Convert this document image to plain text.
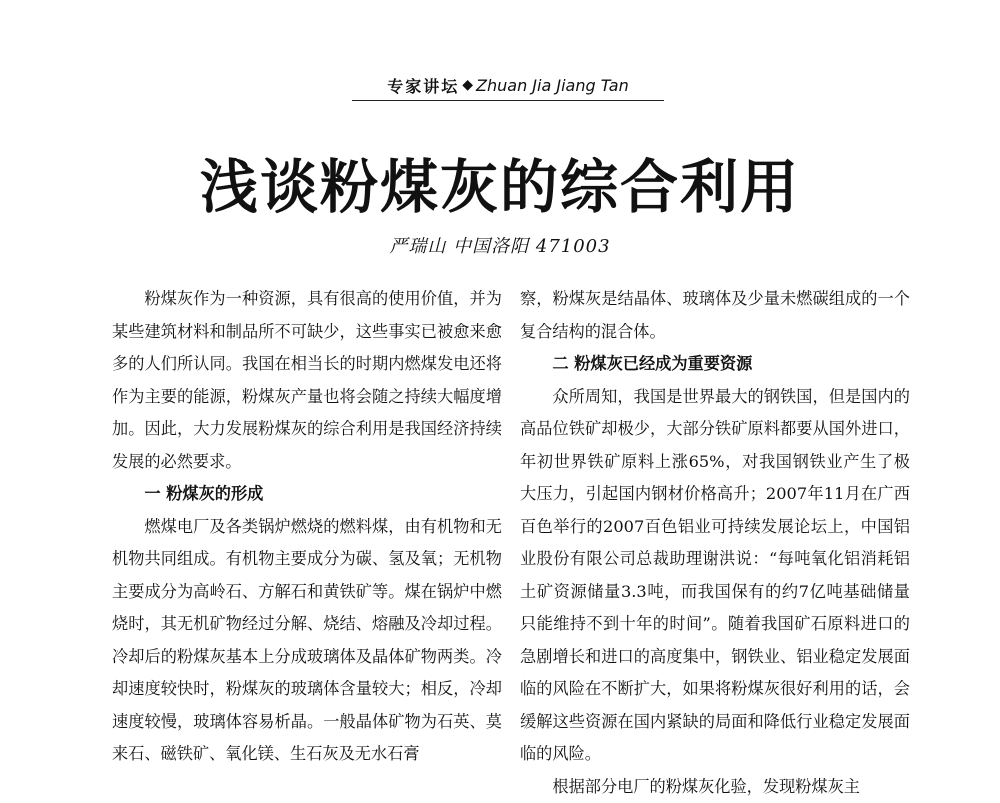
专家讲坛 ◆ Zhuan Jia Jiang Tan
浅谈粉煤灰的综合利用
严瑞山 中国洛阳 471003

粉煤灰作为一种资源，具有很高的使用价值，并为某些建筑材料和制品所不可缺少，这些事实已被愈来愈多的人们所认同。我国在相当长的时期内燃煤发电还将作为主要的能源，粉煤灰产量也将会随之持续大幅度增加。因此，大力发展粉煤灰的综合利用是我国经济持续发展的必然要求。

一 粉煤灰的形成

燃煤电厂及各类锅炉燃烧的燃料煤，由有机物和无机物共同组成。有机物主要成分为碳、氢及氧；无机物主要成分为高岭石、方解石和黄铁矿等。煤在锅炉中燃烧时，其无机矿物经过分解、烧结、熔融及冷却过程。冷却后的粉煤灰基本上分成玻璃体及晶体矿物两类。冷却速度较快时，粉煤灰的玻璃体含量较大；相反，冷却速度较慢，玻璃体容易析晶。一般晶体矿物为石英、莫来石、磁铁矿、氧化镁、生石灰及无水石膏

察，粉煤灰是结晶体、玻璃体及少量未燃碳组成的一个复合结构的混合体。

二 粉煤灰已经成为重要资源

众所周知，我国是世界最大的钢铁国，但是国内的高品位铁矿却极少，大部分铁矿原料都要从国外进口，年初世界铁矿原料上涨65%，对我国钢铁业产生了极大压力，引起国内钢材价格高升；2007年11月在广西百色举行的2007百色铝业可持续发展论坛上，中国铝业股份有限公司总裁助理谢洪说：“每吨氧化铝消耗铝土矿资源储量3.3吨，而我国保有的约7亿吨基础储量只能维持不到十年的时间”。随着我国矿石原料进口的急剧增长和进口的高度集中，钢铁业、铝业稳定发展面临的风险在不断扩大，如果将粉煤灰很好利用的话，会缓解这些资源在国内紧缺的局面和降低行业稳定发展面临的风险。

根据部分电厂的粉煤灰化验，发现粉煤灰主
